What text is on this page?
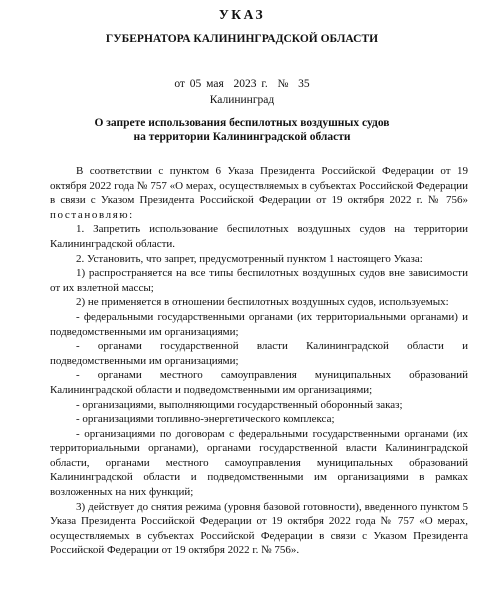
УКАЗ
ГУБЕРНАТОРА КАЛИНИНГРАДСКОЙ ОБЛАСТИ
от 05 мая  2023 г.  №  35
Калининград
О запрете использования беспилотных воздушных судов
на территории Калининградской области

В соответствии с пунктом 6 Указа Президента Российской Федерации от 19 октября 2022 года № 757 «О мерах, осуществляемых в субъектах Российской Федерации в связи с Указом Президента Российской Федерации от 19 октября 2022 г. № 756» постановляю:

1. Запретить использование беспилотных воздушных судов на территории Калининградской области.

2. Установить, что запрет, предусмотренный пунктом 1 настоящего Указа:

1) распространяется на все типы беспилотных воздушных судов вне зависимости от их взлетной массы;

2) не применяется в отношении беспилотных воздушных судов, используемых:

- федеральными государственными органами (их территориальными органами) и подведомственными им организациями;

- органами государственной власти Калининградской области и подведомственными им организациями;

- органами местного самоуправления муниципальных образований Калининградской области и подведомственными им организациями;

- организациями, выполняющими государственный оборонный заказ;

- организациями топливно-энергетического комплекса;

- организациями по договорам с федеральными государственными органами (их территориальными органами), органами государственной власти Калининградской области, органами местного самоуправления муниципальных образований Калининградской области и подведомственными им организациями в рамках возложенных на них функций;

3) действует до снятия режима (уровня базовой готовности), введенного пунктом 5 Указа Президента Российской Федерации от 19 октября 2022 года № 757 «О мерах, осуществляемых в субъектах Российской Федерации в связи с Указом Президента Российской Федерации от 19 октября 2022 г. № 756».
